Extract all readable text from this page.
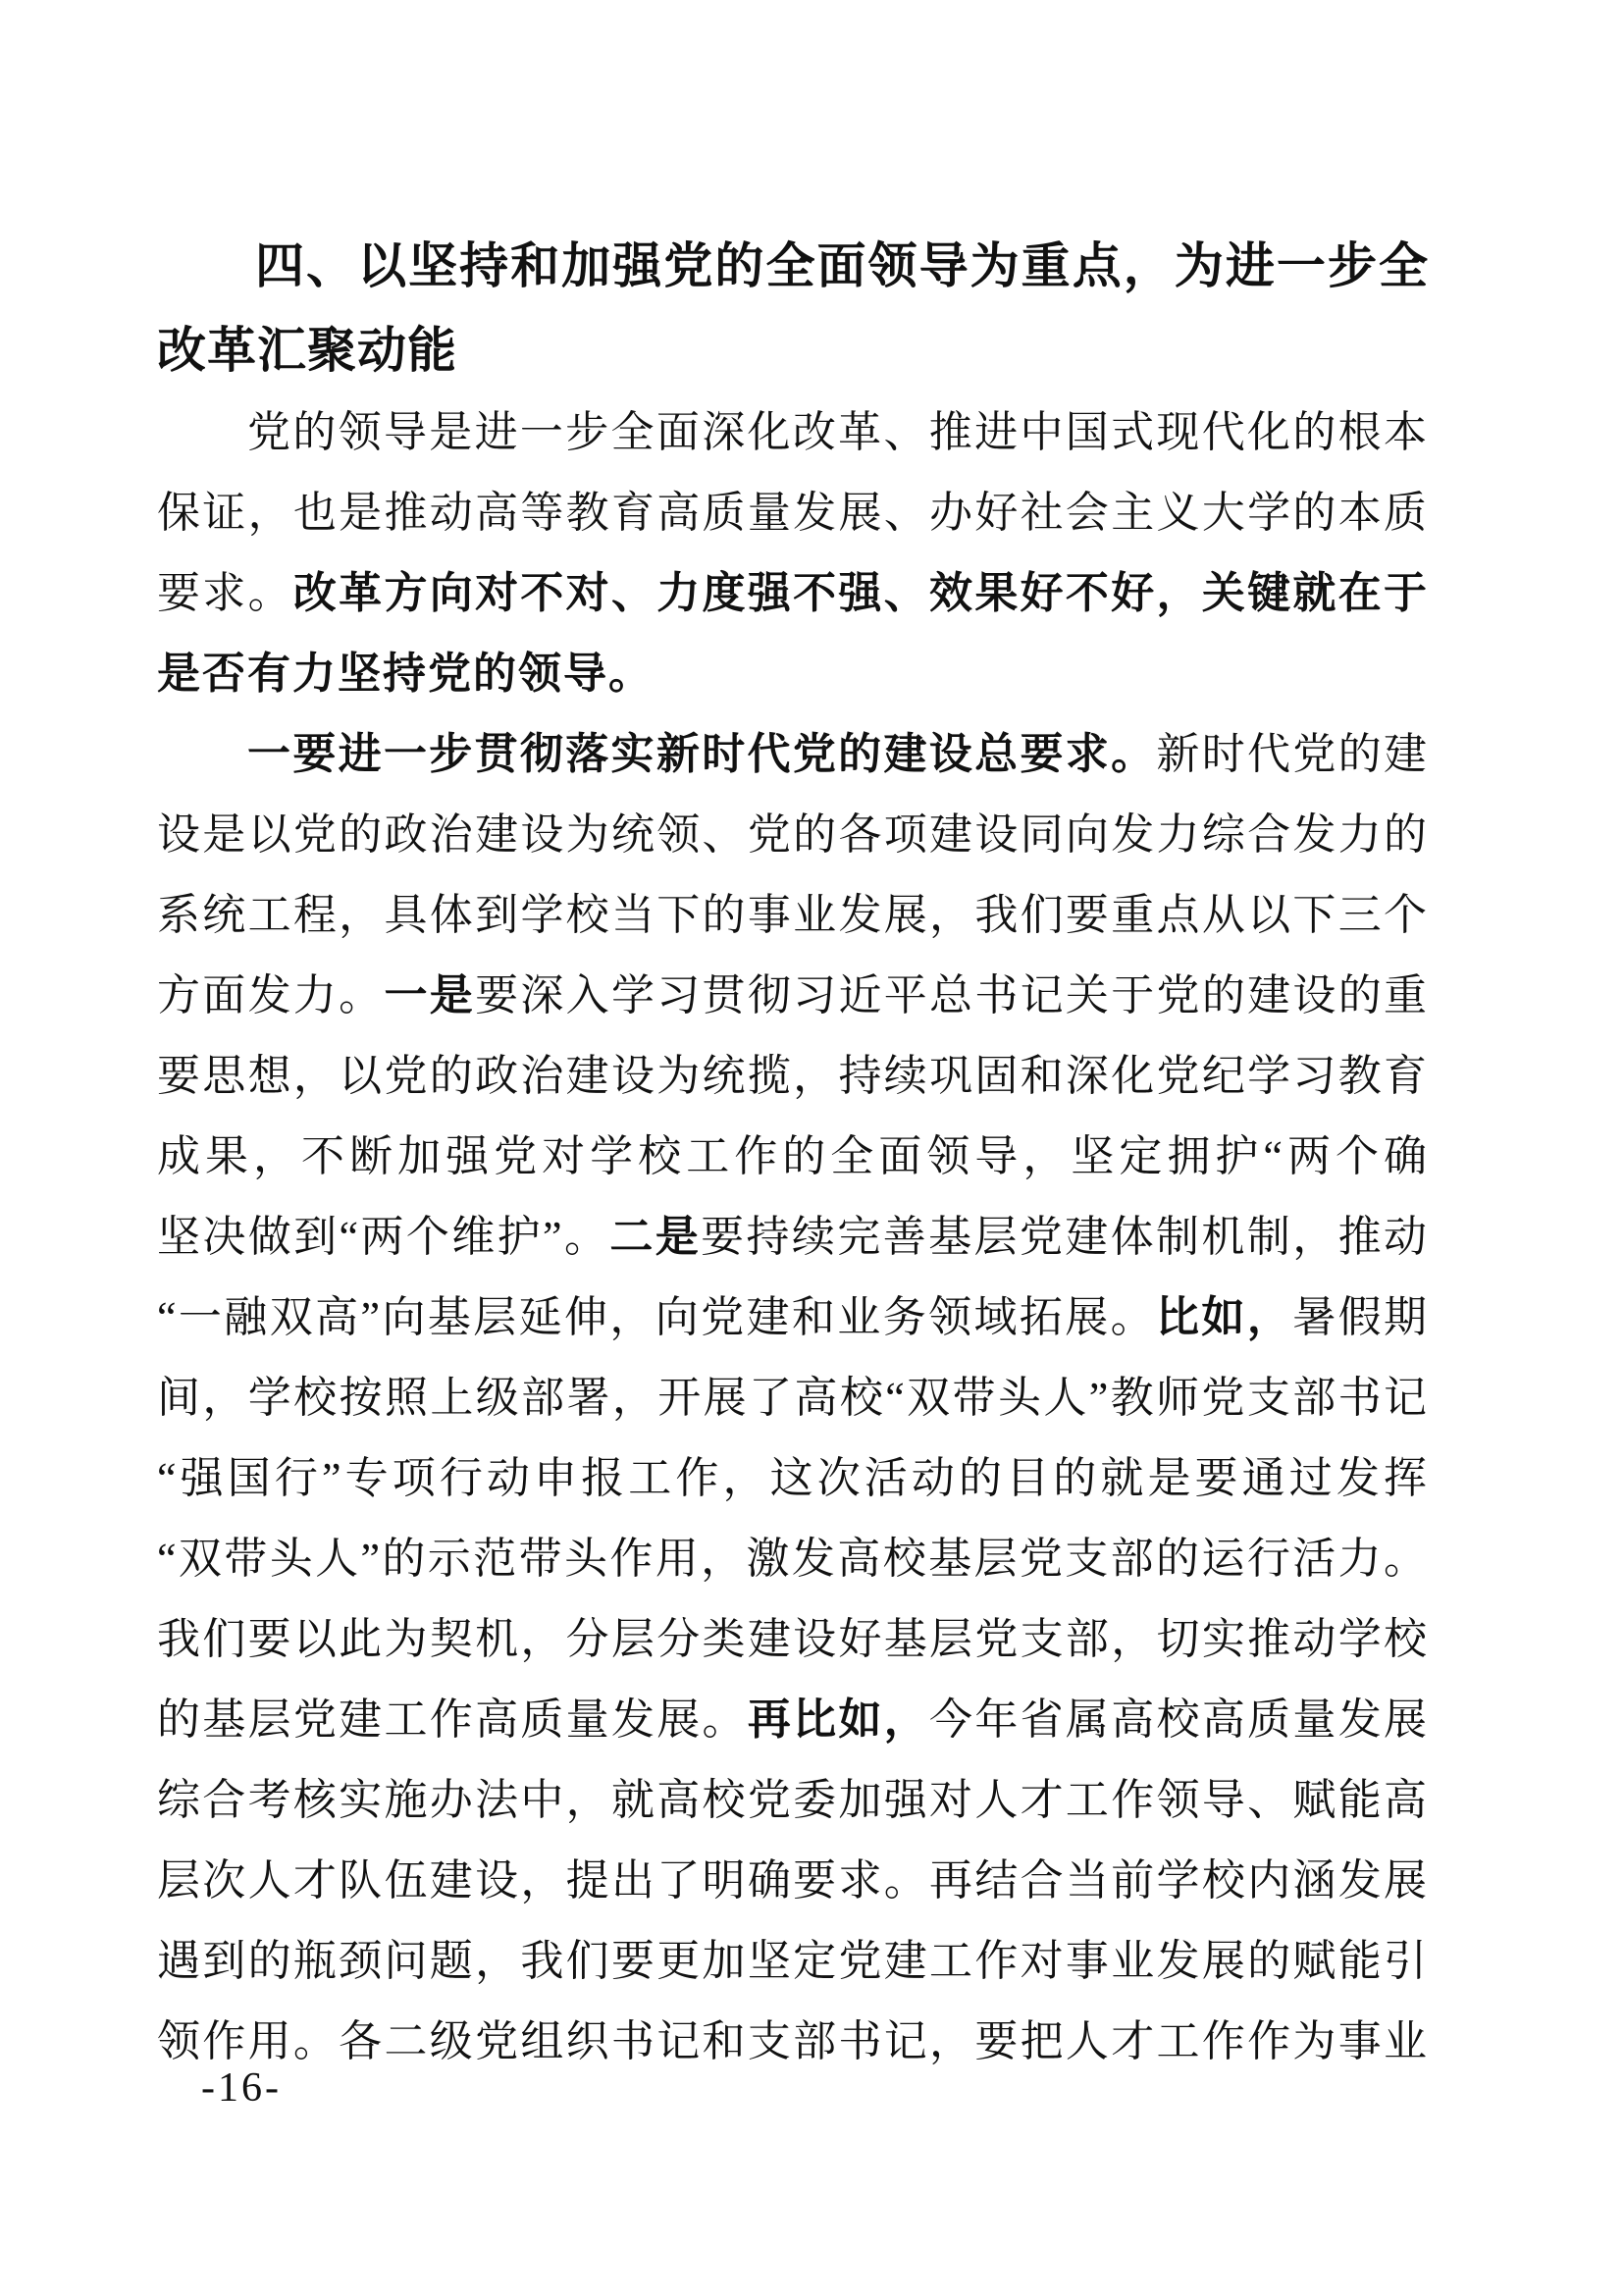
四、以坚持和加强党的全面领导为重点，为进一步全
改革汇聚动能
党的领导是进一步全面深化改革、推进中国式现代化的根本
保证，也是推动高等教育高质量发展、办好社会主义大学的本质
要求。改革方向对不对、力度强不强、效果好不好，关键就在于
是否有力坚持党的领导。
一要进一步贯彻落实新时代党的建设总要求。新时代党的建
设是以党的政治建设为统领、党的各项建设同向发力综合发力的
系统工程，具体到学校当下的事业发展，我们要重点从以下三个
方面发力。一是要深入学习贯彻习近平总书记关于党的建设的重
要思想，以党的政治建设为统揽，持续巩固和深化党纪学习教育
成果，不断加强党对学校工作的全面领导，坚定拥护“两个确
坚决做到“两个维护”。二是要持续完善基层党建体制机制，推动
“一融双高”向基层延伸，向党建和业务领域拓展。比如，暑假期
间，学校按照上级部署，开展了高校“双带头人”教师党支部书记
“强国行”专项行动申报工作，这次活动的目的就是要通过发挥
“双带头人”的示范带头作用，激发高校基层党支部的运行活力。
我们要以此为契机，分层分类建设好基层党支部，切实推动学校
的基层党建工作高质量发展。再比如，今年省属高校高质量发展
综合考核实施办法中，就高校党委加强对人才工作领导、赋能高
层次人才队伍建设，提出了明确要求。再结合当前学校内涵发展
遇到的瓶颈问题，我们要更加坚定党建工作对事业发展的赋能引
领作用。各二级党组织书记和支部书记，要把人才工作作为事业
-16-
